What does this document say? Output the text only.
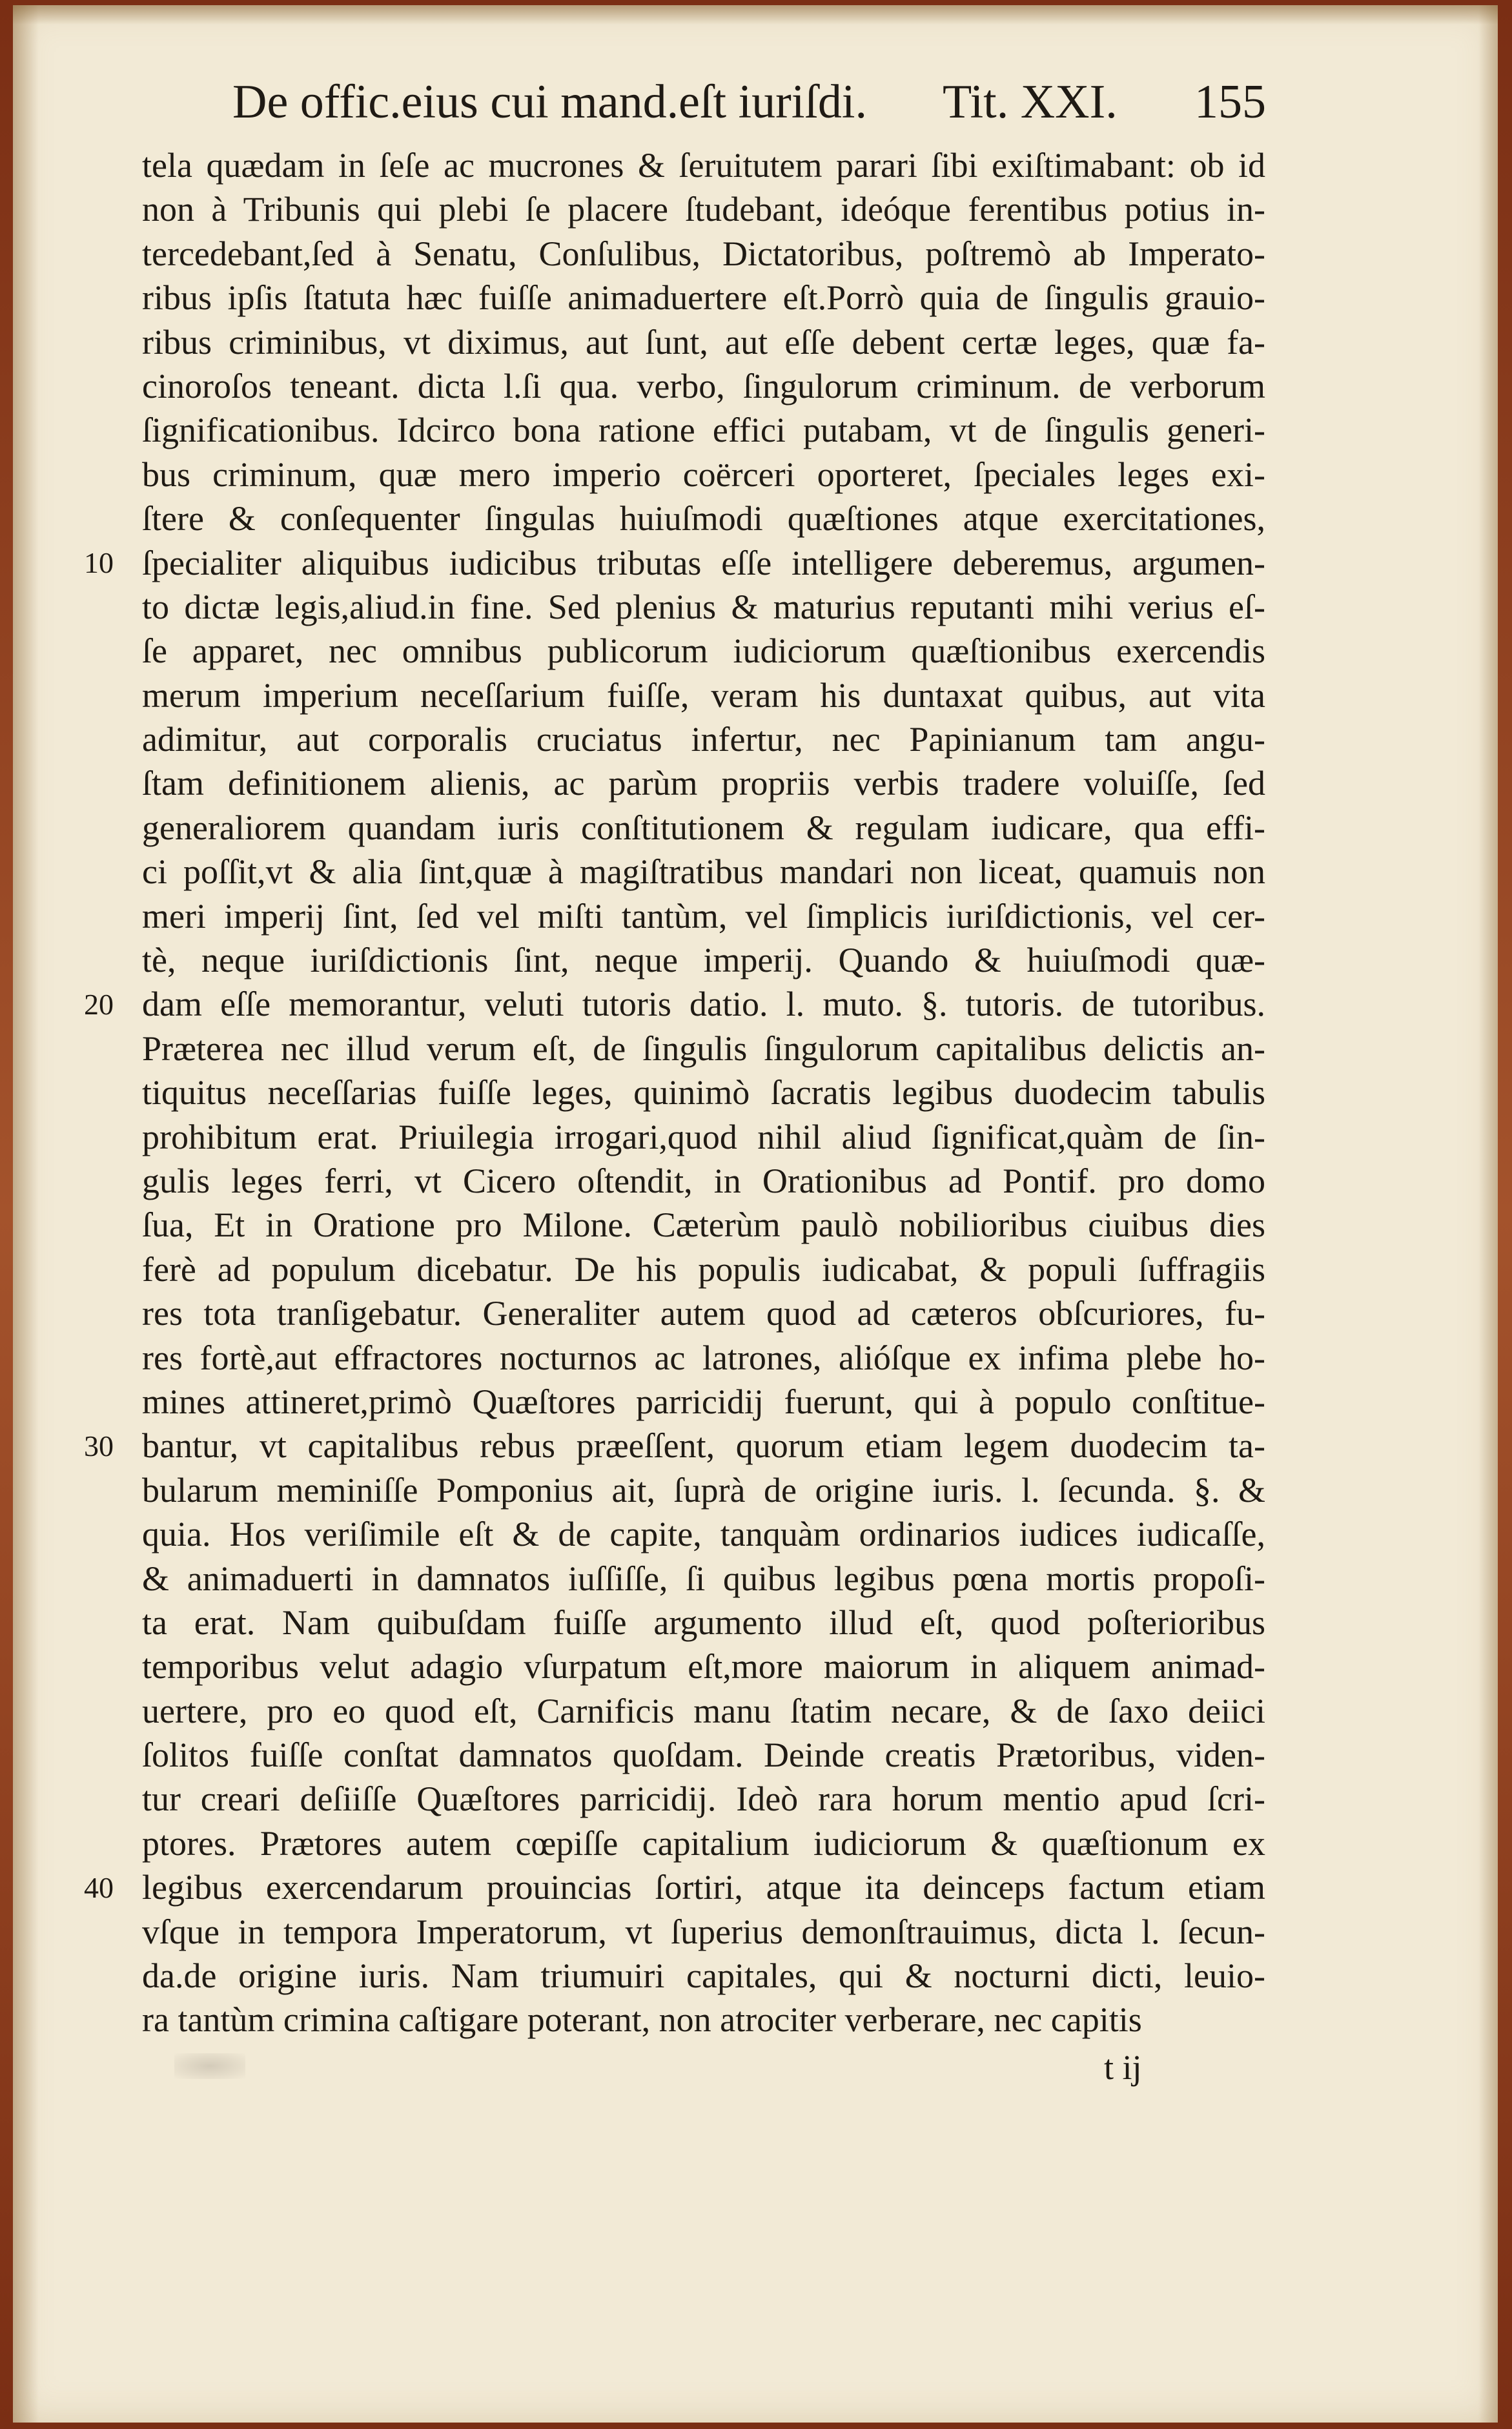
De offic.eius cui mand.eſt iuriſdi. Tit. XXI. 155
10
20
30
40
tela quædam in ſeſe ac mucrones & ſeruitutem parari ſibi exiſtimabant: ob id
non à Tribunis qui plebi ſe placere ſtudebant, ideóque ferentibus potius in-
tercedebant,ſed à Senatu, Conſulibus, Dictatoribus, poſtremò ab Imperato-
ribus ipſis ſtatuta hæc fuiſſe animaduertere eſt.Porrò quia de ſingulis grauio-
ribus criminibus, vt diximus, aut ſunt, aut eſſe debent certæ leges, quæ fa-
cinoroſos teneant. dicta l.ſi qua. verbo, ſingulorum criminum. de verborum
ſignificationibus. Idcirco bona ratione effici putabam, vt de ſingulis generi-
bus criminum, quæ mero imperio coërceri oporteret, ſpeciales leges exi-
ſtere & conſequenter ſingulas huiuſmodi quæſtiones atque exercitationes,
ſpecialiter aliquibus iudicibus tributas eſſe intelligere deberemus, argumen-
to dictæ legis,aliud.in fine. Sed plenius & maturius reputanti mihi verius eſ-
ſe apparet, nec omnibus publicorum iudiciorum quæſtionibus exercendis
merum imperium neceſſarium fuiſſe, veram his duntaxat quibus, aut vita
adimitur, aut corporalis cruciatus infertur, nec Papinianum tam angu-
ſtam definitionem alienis, ac parùm propriis verbis tradere voluiſſe, ſed
generaliorem quandam iuris conſtitutionem & regulam iudicare, qua effi-
ci poſſit,vt & alia ſint,quæ à magiſtratibus mandari non liceat, quamuis non
meri imperij ſint, ſed vel miſti tantùm, vel ſimplicis iuriſdictionis, vel cer-
tè, neque iuriſdictionis ſint, neque imperij. Quando & huiuſmodi quæ-
dam eſſe memorantur, veluti tutoris datio. l. muto. §. tutoris. de tutoribus.
Præterea nec illud verum eſt, de ſingulis ſingulorum capitalibus delictis an-
tiquitus neceſſarias fuiſſe leges, quinimò ſacratis legibus duodecim tabulis
prohibitum erat. Priuilegia irrogari,quod nihil aliud ſignificat,quàm de ſin-
gulis leges ferri, vt Cicero oſtendit, in Orationibus ad Pontif. pro domo
ſua, Et in Oratione pro Milone. Cæterùm paulò nobilioribus ciuibus dies
ferè ad populum dicebatur. De his populis iudicabat, & populi ſuffragiis
res tota tranſigebatur. Generaliter autem quod ad cæteros obſcuriores, fu-
res fortè,aut effractores nocturnos ac latrones, alióſque ex infima plebe ho-
mines attineret,primò Quæſtores parricidij fuerunt, qui à populo conſtitue-
bantur, vt capitalibus rebus præeſſent, quorum etiam legem duodecim ta-
bularum meminiſſe Pomponius ait, ſuprà de origine iuris. l. ſecunda. §. &
quia. Hos veriſimile eſt & de capite, tanquàm ordinarios iudices iudicaſſe,
& animaduerti in damnatos iuſſiſſe, ſi quibus legibus pœna mortis propoſi-
ta erat. Nam quibuſdam fuiſſe argumento illud eſt, quod poſterioribus
temporibus velut adagio vſurpatum eſt,more maiorum in aliquem animad-
uertere, pro eo quod eſt, Carnificis manu ſtatim necare, & de ſaxo deiici
ſolitos fuiſſe conſtat damnatos quoſdam. Deinde creatis Prætoribus, viden-
tur creari deſiiſſe Quæſtores parricidij. Ideò rara horum mentio apud ſcri-
ptores. Prætores autem cœpiſſe capitalium iudiciorum & quæſtionum ex
legibus exercendarum prouincias ſortiri, atque ita deinceps factum etiam
vſque in tempora Imperatorum, vt ſuperius demonſtrauimus, dicta l. ſecun-
da.de origine iuris. Nam triumuiri capitales, qui & nocturni dicti, leuio-
ra tantùm crimina caſtigare poterant, non atrociter verberare, nec capitis
t ij
